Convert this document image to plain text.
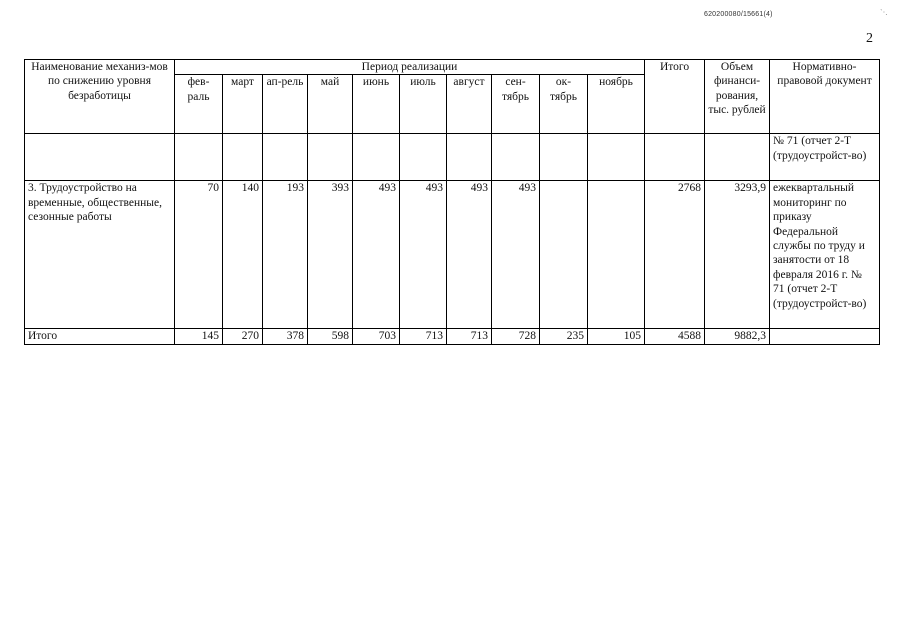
620200080/15661(4)	`·.
2
Наименование механиз-мов по снижению уровня безработицы	Период реализации										Итого	Объем финанси-рования, тыс. рублей	Нормативно-правовой документ
	фев-раль	март	ап-рель	май	июнь	июль	август	сен-тябрь	ок-тябрь	ноябрь			
													№ 71 (отчет 2-Т (трудоустройст-во)
3. Трудоустройство на временные, общественные, сезонные работы	70	140	193	393	493	493	493	493			2768	3293,9	ежеквартальный мониторинг по приказу Федеральной службы по труду и занятости от 18 февраля 2016 г. № 71 (отчет 2-Т (трудоустройст-во)
Итого	145	270	378	598	703	713	713	728	235	105	4588	9882,3	
